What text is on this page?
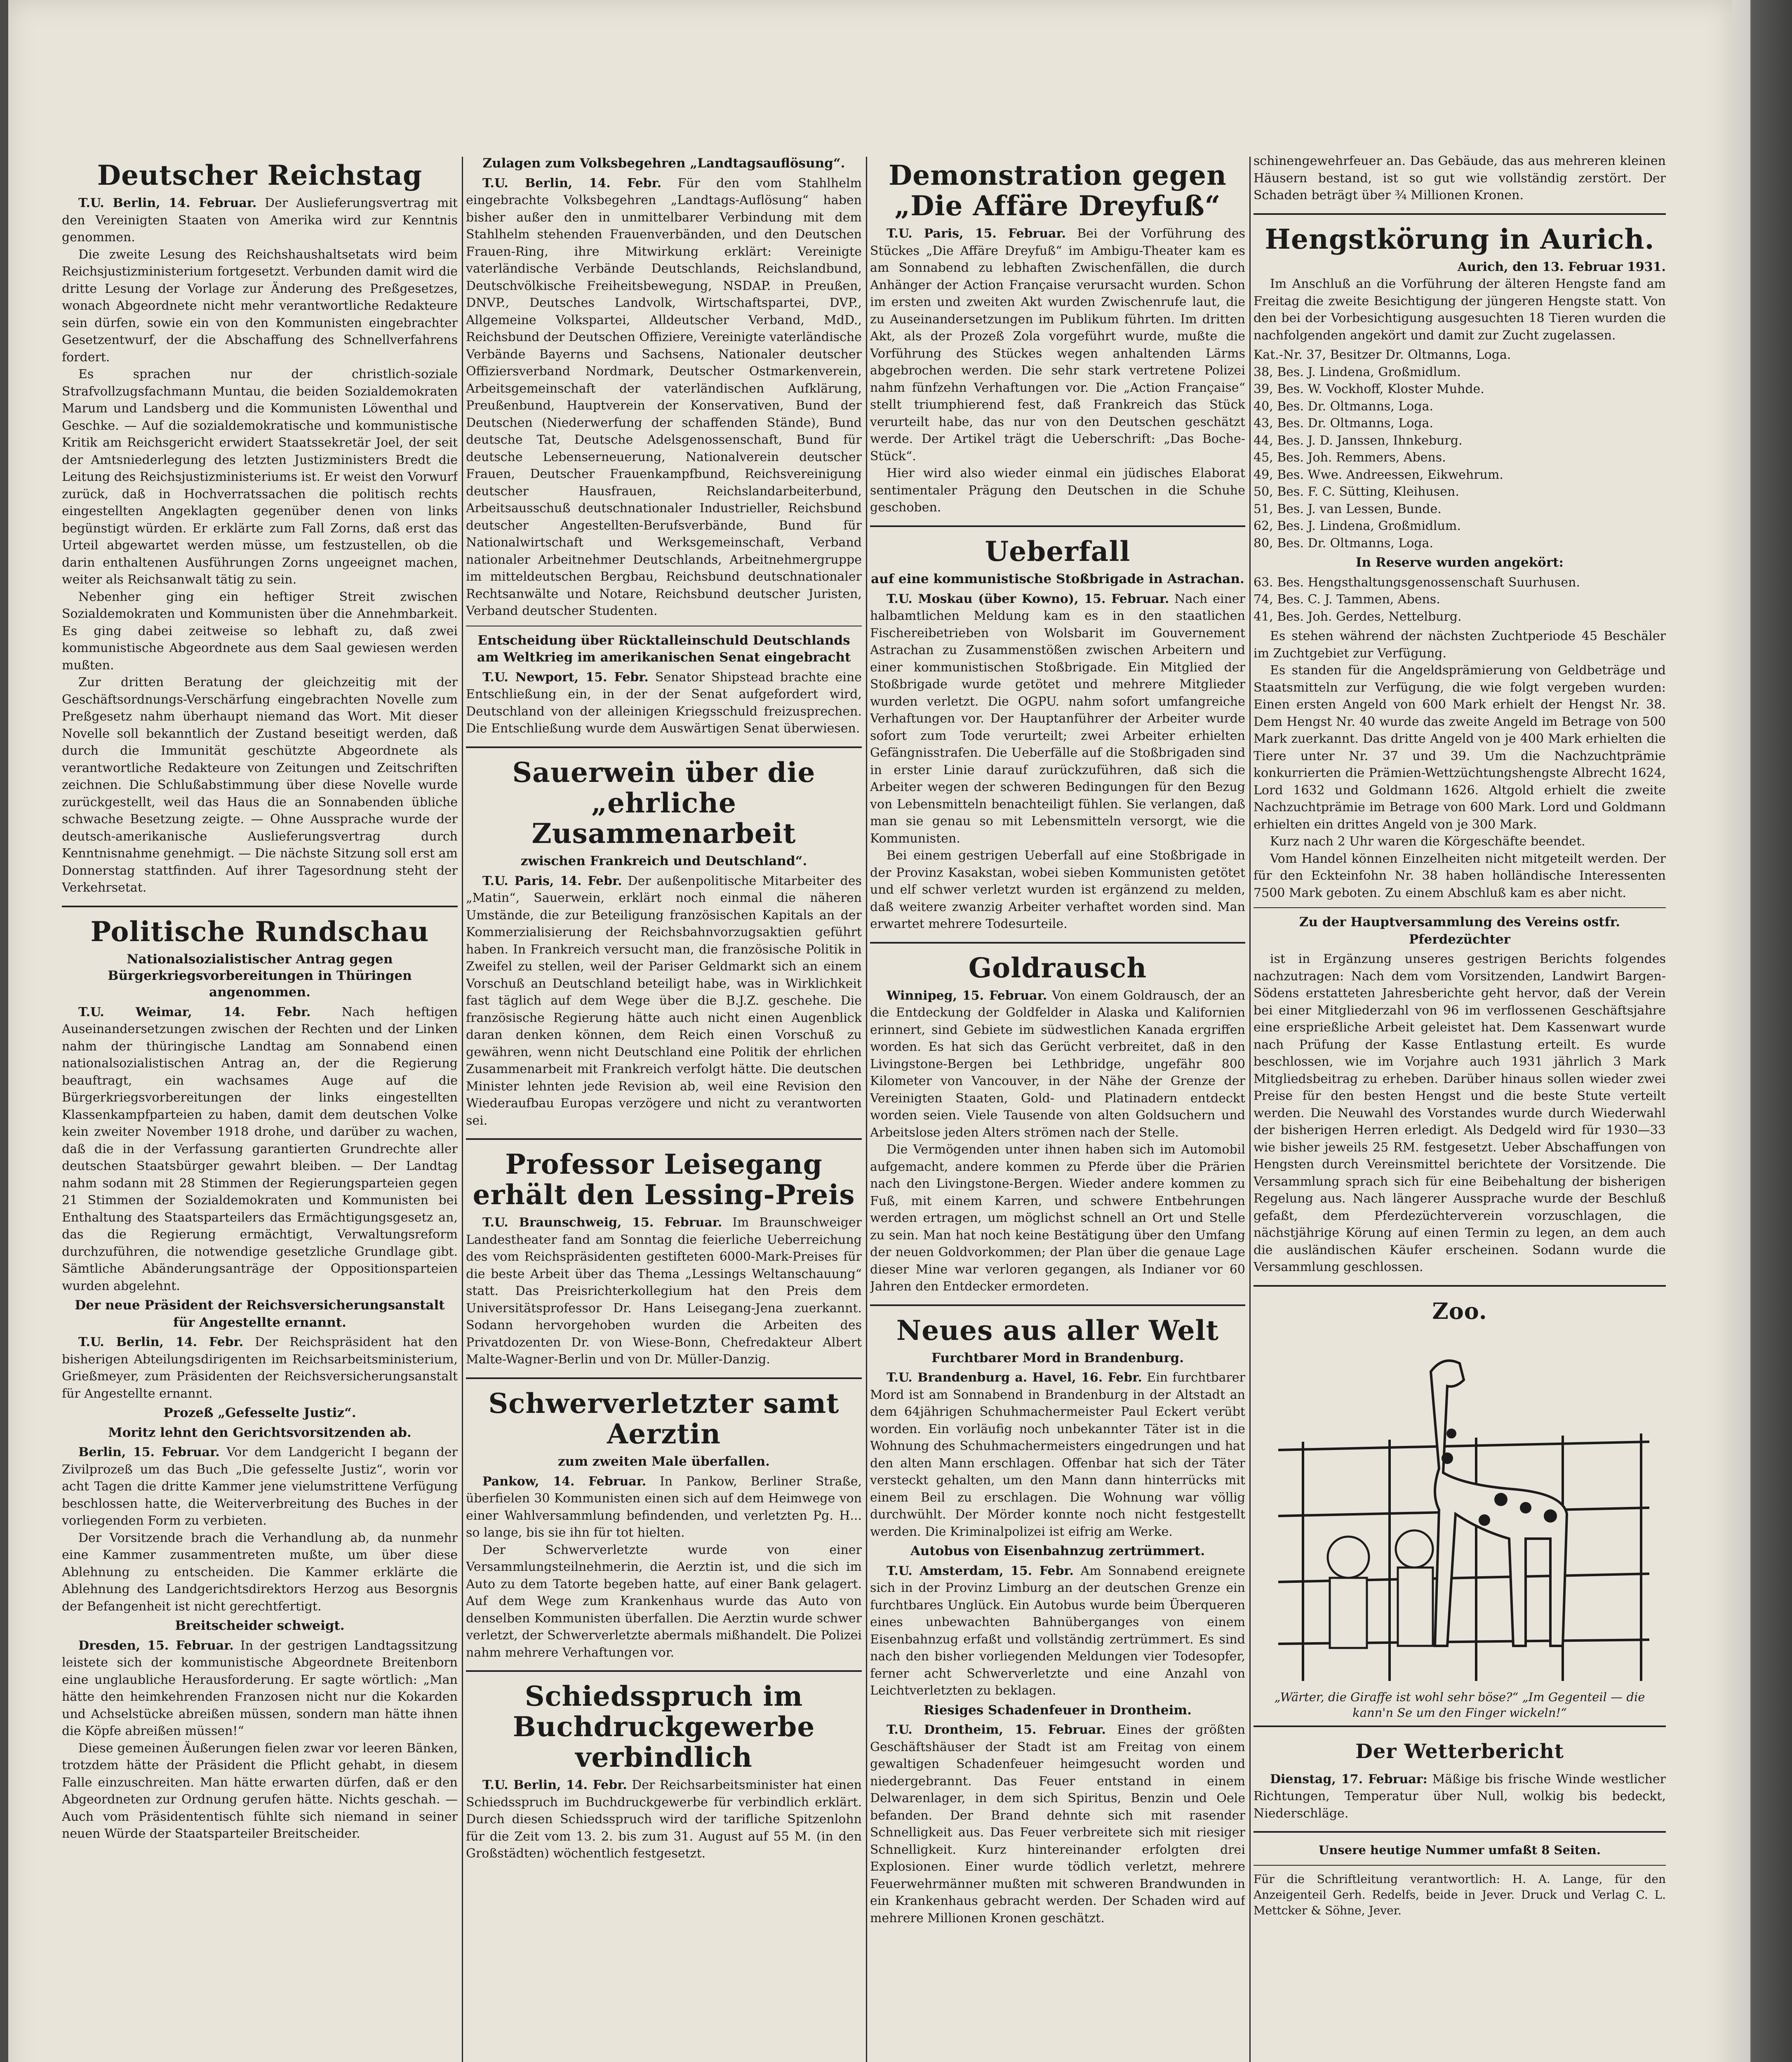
Deutscher Reichstag

T.U. Berlin, 14. Februar. Der Auslieferungsvertrag mit den Vereinigten Staaten von Amerika wird zur Kenntnis genommen.

Die zweite Lesung des Reichshaushaltsetats wird beim Reichsjustizministerium fortgesetzt. Verbunden damit wird die dritte Lesung der Vorlage zur Änderung des Preßgesetzes, wonach Abgeordnete nicht mehr verantwortliche Redakteure sein dürfen, sowie ein von den Kommunisten eingebrachter Gesetzentwurf, der die Abschaffung des Schnellverfahrens fordert.

Es sprachen nur der christlich-soziale Strafvollzugsfachmann Muntau, die beiden Sozialdemokraten Marum und Landsberg und die Kommunisten Löwenthal und Geschke. — Auf die sozialdemokratische und kommunistische Kritik am Reichsgericht erwidert Staatssekretär Joel, der seit der Amtsniederlegung des letzten Justizministers Bredt die Leitung des Reichsjustizministeriums ist. Er weist den Vorwurf zurück, daß in Hochverratssachen die politisch rechts eingestellten Angeklagten gegenüber denen von links begünstigt würden. Er erklärte zum Fall Zorns, daß erst das Urteil abgewartet werden müsse, um festzustellen, ob die darin enthaltenen Ausführungen Zorns ungeeignet machen, weiter als Reichsanwalt tätig zu sein.

Nebenher ging ein heftiger Streit zwischen Sozialdemokraten und Kommunisten über die Annehmbarkeit. Es ging dabei zeitweise so lebhaft zu, daß zwei kommunistische Abgeordnete aus dem Saal gewiesen werden mußten.

Zur dritten Beratung der gleichzeitig mit der Geschäftsordnungs-Verschärfung eingebrachten Novelle zum Preßgesetz nahm überhaupt niemand das Wort. Mit dieser Novelle soll bekanntlich der Zustand beseitigt werden, daß durch die Immunität geschützte Abgeordnete als verantwortliche Redakteure von Zeitungen und Zeitschriften zeichnen. Die Schlußabstimmung über diese Novelle wurde zurückgestellt, weil das Haus die an Sonnabenden übliche schwache Besetzung zeigte. — Ohne Aussprache wurde der deutsch-amerikanische Auslieferungsvertrag durch Kenntnisnahme genehmigt. — Die nächste Sitzung soll erst am Donnerstag stattfinden. Auf ihrer Tagesordnung steht der Verkehrsetat.

Politische Rundschau
Nationalsozialistischer Antrag gegen Bürgerkriegsvorbereitungen in Thüringen angenommen.

T.U. Weimar, 14. Febr.	Nach heftigen Auseinandersetzungen zwischen der Rechten und der Linken nahm der thüringische Landtag am Sonnabend einen nationalsozialistischen Antrag an, der die Regierung beauftragt, ein wachsames Auge auf die Bürgerkriegsvorbereitungen der links eingestellten Klassenkampfparteien zu haben, damit dem deutschen Volke kein zweiter November 1918 drohe, und darüber zu wachen, daß die in der Verfassung garantierten Grundrechte aller deutschen Staatsbürger gewahrt bleiben. — Der Landtag nahm sodann mit 28 Stimmen der Regierungsparteien gegen 21 Stimmen der Sozialdemokraten und Kommunisten bei Enthaltung des Staatsparteilers das Ermächtigungsgesetz an, das die Regierung ermächtigt, Verwaltungsreform durchzuführen, die notwendige gesetzliche Grundlage gibt. Sämtliche Abänderungsanträge der Oppositionsparteien wurden abgelehnt.

Der neue Präsident der Reichsversicherungsanstalt für Angestellte ernannt.

T.U. Berlin, 14. Febr. Der Reichspräsident hat den bisherigen Abteilungsdirigenten im Reichsarbeitsministerium, Grießmeyer, zum Präsidenten der Reichsversicherungsanstalt für Angestellte ernannt.

Prozeß „Gefesselte Justiz“.
Moritz lehnt den Gerichtsvorsitzenden ab.

Berlin, 15. Februar. Vor dem Landgericht I begann der Zivilprozeß um das Buch „Die gefesselte Justiz“, worin vor acht Tagen die dritte Kammer jene vielumstrittene Verfügung beschlossen hatte, die Weiterverbreitung des Buches in der vorliegenden Form zu verbieten.

Der Vorsitzende brach die Verhandlung ab, da nunmehr eine Kammer zusammentreten mußte, um über diese Ablehnung zu entscheiden. Die Kammer erklärte die Ablehnung des Landgerichtsdirektors Herzog aus Besorgnis der Befangenheit ist nicht gerechtfertigt.

Breitscheider schweigt.

Dresden, 15. Februar. In der gestrigen Landtagssitzung leistete sich der kommunistische Abgeordnete Breitenborn eine unglaubliche Herausforderung. Er sagte wörtlich: „Man hätte den heimkehrenden Franzosen nicht nur die Kokarden und Achselstücke abreißen müssen, sondern man hätte ihnen die Köpfe abreißen müssen!“

Diese gemeinen Äußerungen fielen zwar vor leeren Bänken, trotzdem hätte der Präsident die Pflicht gehabt, in diesem Falle einzuschreiten. Man hätte erwarten dürfen, daß er den Abgeordneten zur Ordnung gerufen hätte. Nichts geschah. — Auch vom Präsidententisch fühlte sich niemand in seiner neuen Würde der Staatsparteiler Breitscheider.

Zulagen zum Volksbegehren „Landtagsauflösung“.

T.U. Berlin, 14. Febr. Für den vom Stahlhelm eingebrachte Volksbegehren „Landtags-Auflösung“ haben bisher außer den in unmittelbarer Verbindung mit dem Stahlhelm stehenden Frauenverbänden, und den Deutschen Frauen-Ring, ihre Mitwirkung erklärt: Vereinigte vaterländische Verbände Deutschlands, Reichslandbund, Deutschvölkische Freiheitsbewegung, NSDAP. in Preußen, DNVP., Deutsches Landvolk, Wirtschaftspartei, DVP., Allgemeine Volkspartei, Alldeutscher Verband, MdD., Reichsbund der Deutschen Offiziere, Vereinigte vaterländische Verbände Bayerns und Sachsens, Nationaler deutscher Offiziersverband Nordmark, Deutscher Ostmarkenverein, Arbeitsgemeinschaft der vaterländischen Aufklärung, Preußenbund, Hauptverein der Konservativen, Bund der Deutschen (Niederwerfung der schaffenden Stände), Bund deutsche Tat, Deutsche Adelsgenossenschaft, Bund für deutsche Lebenserneuerung, Nationalverein deutscher Frauen, Deutscher Frauenkampfbund, Reichsvereinigung deutscher Hausfrauen, Reichslandarbeiterbund, Arbeitsausschuß deutschnationaler Industrieller, Reichsbund deutscher Angestellten-Berufsverbände, Bund für Nationalwirtschaft und Werksgemeinschaft, Verband nationaler Arbeitnehmer Deutschlands, Arbeitnehmergruppe im mitteldeutschen Bergbau, Reichsbund deutschnationaler Rechtsanwälte und Notare, Reichsbund deutscher Juristen, Verband deutscher Studenten.

Entscheidung über Rücktalleinschuld Deutschlands am Weltkrieg im amerikanischen Senat eingebracht

T.U. Newport, 15. Febr. Senator Shipstead brachte eine Entschließung ein, in der der Senat aufgefordert wird, Deutschland von der alleinigen Kriegsschuld freizusprechen. Die Entschließung wurde dem Auswärtigen Senat überwiesen.

Sauerwein über die „ehrliche Zusammenarbeit
zwischen Frankreich und Deutschland“.

T.U. Paris, 14. Febr. Der außenpolitische Mitarbeiter des „Matin“, Sauerwein, erklärt noch einmal die näheren Umstände, die zur Beteiligung französischen Kapitals an der Kommerzialisierung der Reichsbahnvorzugsaktien geführt haben. In Frankreich versucht man, die französische Politik in Zweifel zu stellen, weil der Pariser Geldmarkt sich an einem Vorschuß an Deutschland beteiligt habe, was in Wirklichkeit fast täglich auf dem Wege über die B.J.Z. geschehe. Die französische Regierung hätte auch nicht einen Augenblick daran denken können, dem Reich einen Vorschuß zu gewähren, wenn nicht Deutschland eine Politik der ehrlichen Zusammenarbeit mit Frankreich verfolgt hätte. Die deutschen Minister lehnten jede Revision ab, weil eine Revision den Wiederaufbau Europas verzögere und nicht zu verantworten sei.

Professor Leisegang erhält den Lessing-Preis

T.U. Braunschweig, 15. Februar. Im Braunschweiger Landestheater fand am Sonntag die feierliche Ueberreichung des vom Reichspräsidenten gestifteten 6000-Mark-Preises für die beste Arbeit über das Thema „Lessings Weltanschauung“ statt. Das Preisrichterkollegium hat den Preis dem Universitätsprofessor Dr. Hans Leisegang-Jena zuerkannt. Sodann hervorgehoben wurden die Arbeiten des Privatdozenten Dr. von Wiese-Bonn, Chefredakteur Albert Malte-Wagner-Berlin und von Dr. Müller-Danzig.

Schwerverletzter samt Aerztin
zum zweiten Male überfallen.

Pankow, 14. Februar. In Pankow, Berliner Straße, überfielen 30 Kommunisten einen sich auf dem Heimwege von einer Wahlversammlung befindenden, und verletzten Pg. H... so lange, bis sie ihn für tot hielten.

Der Schwerverletzte wurde von einer Versammlungsteilnehmerin, die Aerztin ist, und die sich im Auto zu dem Tatorte begeben hatte, auf einer Bank gelagert. Auf dem Wege zum Krankenhaus wurde das Auto von denselben Kommunisten überfallen. Die Aerztin wurde schwer verletzt, der Schwerverletzte abermals mißhandelt. Die Polizei nahm mehrere Verhaftungen vor.

Schiedsspruch im Buchdruckgewerbe verbindlich

T.U. Berlin, 14. Febr. Der Reichsarbeitsminister hat einen Schiedsspruch im Buchdruckgewerbe für verbindlich erklärt. Durch diesen Schiedsspruch wird der tarifliche Spitzenlohn für die Zeit vom 13. 2. bis zum 31. August auf 55 M. (in den Großstädten) wöchentlich festgesetzt.

Demonstration gegen „Die Affäre Dreyfuß“

T.U. Paris, 15. Februar. Bei der Vorführung des Stückes „Die Affäre Dreyfuß“ im Ambigu-Theater kam es am Sonnabend zu lebhaften Zwischenfällen, die durch Anhänger der Action Française verursacht wurden. Schon im ersten und zweiten Akt wurden Zwischenrufe laut, die zu Auseinandersetzungen im Publikum führten. Im dritten Akt, als der Prozeß Zola vorgeführt wurde, mußte die Vorführung des Stückes wegen anhaltenden Lärms abgebrochen werden. Die sehr stark vertretene Polizei nahm fünfzehn Verhaftungen vor. Die „Action Française“ stellt triumphierend fest, daß Frankreich das Stück verurteilt habe, das nur von den Deutschen geschätzt werde. Der Artikel trägt die Ueberschrift: „Das Boche-Stück“.

Hier wird also wieder einmal ein jüdisches Elaborat sentimentaler Prägung den Deutschen in die Schuhe geschoben.

Ueberfall
auf eine kommunistische Stoßbrigade in Astrachan.

T.U. Moskau (über Kowno), 15. Februar. Nach einer halbamtlichen Meldung kam es in den staatlichen Fischereibetrieben von Wolsbarit im Gouvernement Astrachan zu Zusammenstößen zwischen Arbeitern und einer kommunistischen Stoßbrigade. Ein Mitglied der Stoßbrigade wurde getötet und mehrere Mitglieder wurden verletzt. Die OGPU. nahm sofort umfangreiche Verhaftungen vor. Der Hauptanführer der Arbeiter wurde sofort zum Tode verurteilt; zwei Arbeiter erhielten Gefängnisstrafen. Die Ueberfälle auf die Stoßbrigaden sind in erster Linie darauf zurückzuführen, daß sich die Arbeiter wegen der schweren Bedingungen für den Bezug von Lebensmitteln benachteiligt fühlen. Sie verlangen, daß man sie genau so mit Lebensmitteln versorgt, wie die Kommunisten.

Bei einem gestrigen Ueberfall auf eine Stoßbrigade in der Provinz Kasakstan, wobei sieben Kommunisten getötet und elf schwer verletzt wurden ist ergänzend zu melden, daß weitere zwanzig Arbeiter verhaftet worden sind. Man erwartet mehrere Todesurteile.

Goldrausch

Winnipeg, 15. Februar. Von einem Goldrausch, der an die Entdeckung der Goldfelder in Alaska und Kalifornien erinnert, sind Gebiete im südwestlichen Kanada ergriffen worden. Es hat sich das Gerücht verbreitet, daß in den Livingstone-Bergen bei Lethbridge, ungefähr 800 Kilometer von Vancouver, in der Nähe der Grenze der Vereinigten Staaten, Gold- und Platinadern entdeckt worden seien. Viele Tausende von alten Goldsuchern und Arbeitslose jeden Alters strömen nach der Stelle.

Die Vermögenden unter ihnen haben sich im Automobil aufgemacht, andere kommen zu Pferde über die Prärien nach den Livingstone-Bergen. Wieder andere kommen zu Fuß, mit einem Karren, und schwere Entbehrungen werden ertragen, um möglichst schnell an Ort und Stelle zu sein. Man hat noch keine Bestätigung über den Umfang der neuen Goldvorkommen; der Plan über die genaue Lage dieser Mine war verloren gegangen, als Indianer vor 60 Jahren den Entdecker ermordeten.

Neues aus aller Welt
Furchtbarer Mord in Brandenburg.

T.U. Brandenburg a. Havel, 16. Febr. Ein furchtbarer Mord ist am Sonnabend in Brandenburg in der Altstadt an dem 64jährigen Schuhmachermeister Paul Eckert verübt worden. Ein vorläufig noch unbekannter Täter ist in die Wohnung des Schuhmachermeisters eingedrungen und hat den alten Mann erschlagen. Offenbar hat sich der Täter versteckt gehalten, um den Mann dann hinterrücks mit einem Beil zu erschlagen. Die Wohnung war völlig durchwühlt. Der Mörder konnte noch nicht festgestellt werden. Die Kriminalpolizei ist eifrig am Werke.

Autobus von Eisenbahnzug zertrümmert.

T.U. Amsterdam, 15. Febr. Am Sonnabend ereignete sich in der Provinz Limburg an der deutschen Grenze ein furchtbares Unglück. Ein Autobus wurde beim Überqueren eines unbewachten Bahnüberganges von einem Eisenbahnzug erfaßt und vollständig zertrümmert. Es sind nach den bisher vorliegenden Meldungen vier Todesopfer, ferner acht Schwerverletzte und eine Anzahl von Leichtverletzten zu beklagen.

Riesiges Schadenfeuer in Drontheim.

T.U. Drontheim, 15. Februar. Eines der größten Geschäftshäuser der Stadt ist am Freitag von einem gewaltigen Schadenfeuer heimgesucht worden und niedergebrannt. Das Feuer entstand in einem Delwarenlager, in dem sich Spiritus, Benzin und Oele befanden. Der Brand dehnte sich mit rasender Schnelligkeit aus. Das Feuer verbreitete sich mit riesiger Schnelligkeit. Kurz hintereinander erfolgten drei Explosionen. Einer wurde tödlich verletzt, mehrere Feuerwehrmänner mußten mit schweren Brandwunden in ein Krankenhaus gebracht werden. Der Schaden wird auf mehrere Millionen Kronen geschätzt.

schinengewehrfeuer an. Das Gebäude, das aus mehreren kleinen Häusern bestand, ist so gut wie vollständig zerstört. Der Schaden beträgt über ¾ Millionen Kronen.

Hengstkörung in Aurich.
Aurich, den 13. Februar 1931.

Im Anschluß an die Vorführung der älteren Hengste fand am Freitag die zweite Besichtigung der jüngeren Hengste statt. Von den bei der Vorbesichtigung ausgesuchten 18 Tieren wurden die nachfolgenden angekört und damit zur Zucht zugelassen.

Kat.-Nr. 37, Besitzer Dr. Oltmanns, Loga.
38, Bes. J. Lindena, Großmidlum.
39, Bes. W. Vockhoff, Kloster Muhde.
40, Bes. Dr. Oltmanns, Loga.
43, Bes. Dr. Oltmanns, Loga.
44, Bes. J. D. Janssen, Ihnkeburg.
45, Bes. Joh. Remmers, Abens.
49, Bes. Wwe. Andreessen, Eikwehrum.
50, Bes. F. C. Sütting, Kleihusen.
51, Bes. J. van Lessen, Bunde.
62, Bes. J. Lindena, Großmidlum.
80, Bes. Dr. Oltmanns, Loga.
In Reserve wurden angekört:
63. Bes. Hengsthaltungsgenossenschaft Suurhusen.
74, Bes. C. J. Tammen, Abens.
41, Bes. Joh. Gerdes, Nettelburg.

Es stehen während der nächsten Zuchtperiode 45 Beschäler im Zuchtgebiet zur Verfügung.

Es standen für die Angeldsprämierung von Geldbeträge und Staatsmitteln zur Verfügung, die wie folgt vergeben wurden: Einen ersten Angeld von 600 Mark erhielt der Hengst Nr. 38. Dem Hengst Nr. 40 wurde das zweite Angeld im Betrage von 500 Mark zuerkannt. Das dritte Angeld von je 400 Mark erhielten die Tiere unter Nr. 37 und 39. Um die Nachzuchtprämie konkurrierten die Prämien-Wettzüchtungshengste Albrecht 1624, Lord 1632 und Goldmann 1626. Altgold erhielt die zweite Nachzuchtprämie im Betrage von 600 Mark. Lord und Goldmann erhielten ein drittes Angeld von je 300 Mark.

Kurz nach 2 Uhr waren die Körgeschäfte beendet.

Vom Handel können Einzelheiten nicht mitgeteilt werden. Der für den Eckteinfohn Nr. 38 haben holländische Interessenten 7500 Mark geboten. Zu einem Abschluß kam es aber nicht.

Zu der Hauptversammlung des Vereins ostfr. Pferdezüchter

ist in Ergänzung unseres gestrigen Berichts folgendes nachzutragen: Nach dem vom Vorsitzenden, Landwirt Bargen-Södens erstatteten Jahresberichte geht hervor, daß der Verein bei einer Mitgliederzahl von 96 im verflossenen Geschäftsjahre eine ersprießliche Arbeit geleistet hat. Dem Kassenwart wurde nach Prüfung der Kasse Entlastung erteilt. Es wurde beschlossen, wie im Vorjahre auch 1931 jährlich 3 Mark Mitgliedsbeitrag zu erheben. Darüber hinaus sollen wieder zwei Preise für den besten Hengst und die beste Stute verteilt werden. Die Neuwahl des Vorstandes wurde durch Wiederwahl der bisherigen Herren erledigt. Als Dedgeld wird für 1930—33 wie bisher jeweils 25 RM. festgesetzt. Ueber Abschaffungen von Hengsten durch Vereinsmittel berichtete der Vorsitzende. Die Versammlung sprach sich für eine Beibehaltung der bisherigen Regelung aus. Nach längerer Aussprache wurde der Beschluß gefaßt, dem Pferdezüchterverein vorzuschlagen, die nächstjährige Körung auf einen Termin zu legen, an dem auch die ausländischen Käufer erscheinen. Sodann wurde die Versammlung geschlossen.

Zoo.
„Wärter, die Giraffe ist wohl sehr böse?“ „Im Gegenteil — die kann'n Se um den Finger wickeln!“
Der Wetterbericht

Dienstag, 17. Februar: Mäßige bis frische Winde westlicher Richtungen, Temperatur über Null, wolkig bis bedeckt, Niederschläge.

Unsere heutige Nummer umfaßt 8 Seiten.
Für die Schriftleitung verantwortlich: H. A. Lange, für den Anzeigenteil Gerh. Redelfs, beide in Jever. Druck und Verlag C. L. Mettcker & Söhne, Jever.
